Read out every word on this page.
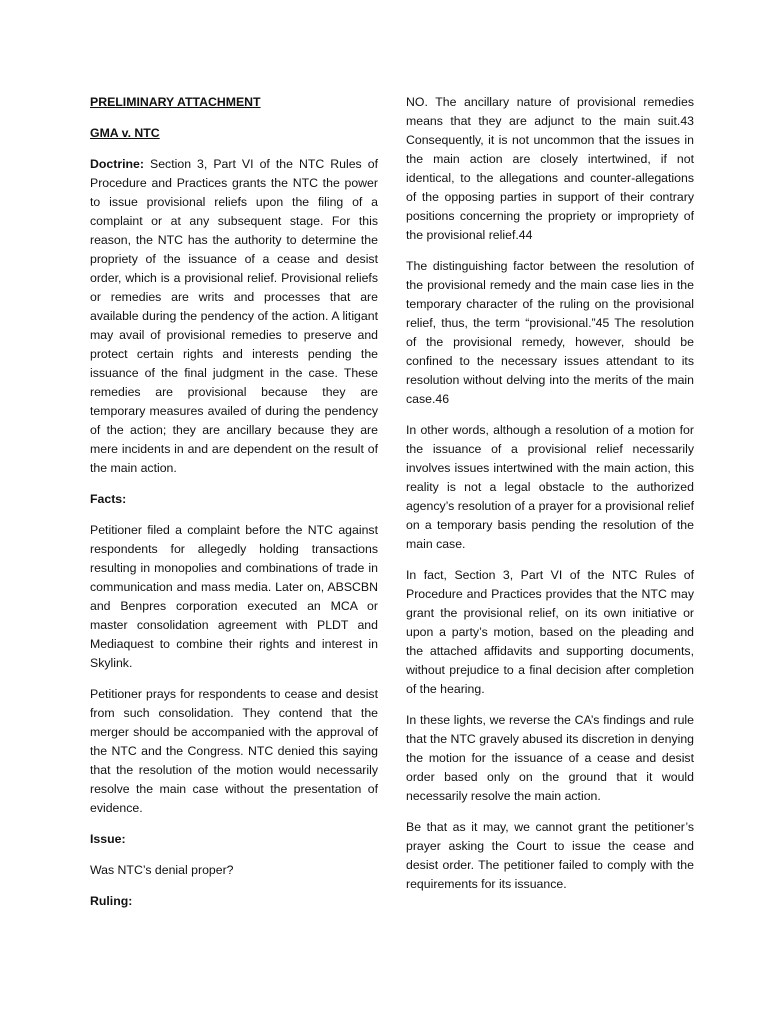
PRELIMINARY ATTACHMENT

GMA v. NTC

Doctrine: Section 3, Part VI of the NTC Rules of Procedure and Practices grants the NTC the power to issue provisional reliefs upon the filing of a complaint or at any subsequent stage. For this reason, the NTC has the authority to determine the propriety of the issuance of a cease and desist order, which is a provisional relief. Provisional reliefs or remedies are writs and processes that are available during the pendency of the action. A litigant may avail of provisional remedies to preserve and protect certain rights and interests pending the issuance of the final judgment in the case. These remedies are provisional because they are temporary measures availed of during the pendency of the action; they are ancillary because they are mere incidents in and are dependent on the result of the main action.

Facts:

Petitioner filed a complaint before the NTC against respondents for allegedly holding transactions resulting in monopolies and combinations of trade in communication and mass media. Later on, ABSCBN and Benpres corporation executed an MCA or master consolidation agreement with PLDT and Mediaquest to combine their rights and interest in Skylink.

Petitioner prays for respondents to cease and desist from such consolidation. They contend that the merger should be accompanied with the approval of the NTC and the Congress. NTC denied this saying that the resolution of the motion would necessarily resolve the main case without the presentation of evidence.

Issue:

Was NTC’s denial proper?

Ruling:

NO. The ancillary nature of provisional remedies means that they are adjunct to the main suit.43 Consequently, it is not uncommon that the issues in the main action are closely intertwined, if not identical, to the allegations and counter-allegations of the opposing parties in support of their contrary positions concerning the propriety or impropriety of the provisional relief.44

The distinguishing factor between the resolution of the provisional remedy and the main case lies in the temporary character of the ruling on the provisional relief, thus, the term “provisional.”45 The resolution of the provisional remedy, however, should be confined to the necessary issues attendant to its resolution without delving into the merits of the main case.46

In other words, although a resolution of a motion for the issuance of a provisional relief necessarily involves issues intertwined with the main action, this reality is not a legal obstacle to the authorized agency’s resolution of a prayer for a provisional relief on a temporary basis pending the resolution of the main case.

In fact, Section 3, Part VI of the NTC Rules of Procedure and Practices provides that the NTC may grant the provisional relief, on its own initiative or upon a party’s motion, based on the pleading and the attached affidavits and supporting documents, without prejudice to a final decision after completion of the hearing.

In these lights, we reverse the CA’s findings and rule that the NTC gravely abused its discretion in denying the motion for the issuance of a cease and desist order based only on the ground that it would necessarily resolve the main action.

Be that as it may, we cannot grant the petitioner’s prayer asking the Court to issue the cease and desist order. The petitioner failed to comply with the requirements for its issuance.
